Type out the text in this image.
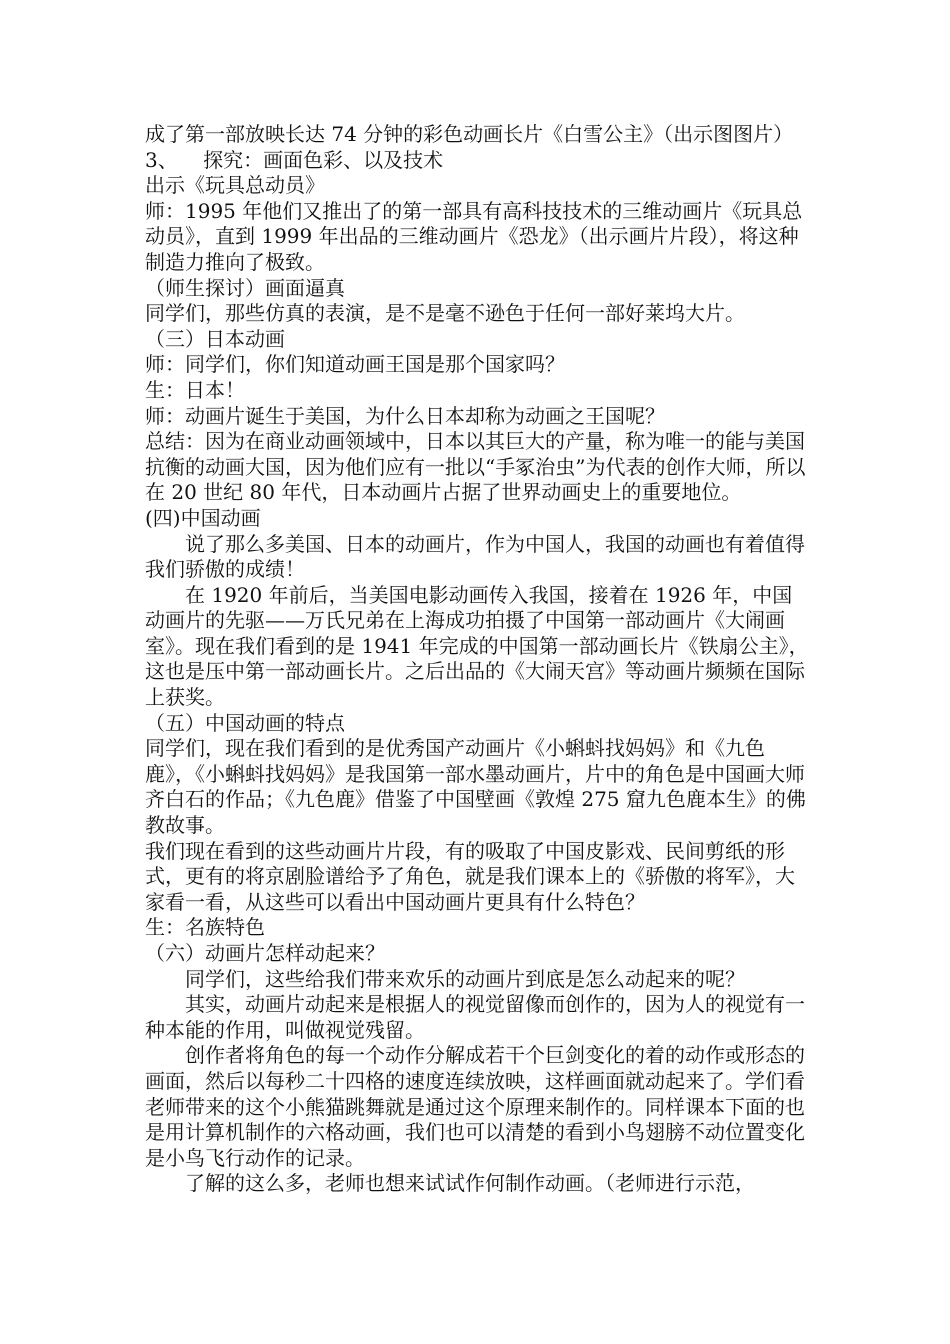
成了第一部放映长达 74 分钟的彩色动画长片《白雪公主》（出示图图片）
3、    探究：画面色彩、以及技术
出示《玩具总动员》
师：1995 年他们又推出了的第一部具有高科技技术的三维动画片《玩具总动员》，直到 1999 年出品的三维动画片《恐龙》（出示画片片段），将这种制造力推向了极致。
（师生探讨）画面逼真
同学们，那些仿真的表演，是不是毫不逊色于任何一部好莱坞大片。
（三）日本动画
师：同学们，你们知道动画王国是那个国家吗？
生：日本！
师：动画片诞生于美国，为什么日本却称为动画之王国呢？
总结：因为在商业动画领域中，日本以其巨大的产量，称为唯一的能与美国抗衡的动画大国，因为他们应有一批以“手冢治虫”为代表的创作大师，所以在 20 世纪 80 年代，日本动画片占据了世界动画史上的重要地位。
(四)中国动画
说了那么多美国、日本的动画片，作为中国人，我国的动画也有着值得我们骄傲的成绩！
在 1920 年前后，当美国电影动画传入我国，接着在 1926 年，中国动画片的先驱——万氏兄弟在上海成功拍摄了中国第一部动画片《大闹画室》。现在我们看到的是 1941 年完成的中国第一部动画长片《铁扇公主》，这也是压中第一部动画长片。之后出品的《大闹天宫》等动画片频频在国际上获奖。
（五）中国动画的特点
同学们，现在我们看到的是优秀国产动画片《小蝌蚪找妈妈》和《九色鹿》，《小蝌蚪找妈妈》是我国第一部水墨动画片，片中的角色是中国画大师齐白石的作品；《九色鹿》借鉴了中国壁画《敦煌 275 窟九色鹿本生》的佛教故事。
我们现在看到的这些动画片片段，有的吸取了中国皮影戏、民间剪纸的形式，更有的将京剧脸谱给予了角色，就是我们课本上的《骄傲的将军》，大家看一看，从这些可以看出中国动画片更具有什么特色？
生：名族特色
（六）动画片怎样动起来？
同学们，这些给我们带来欢乐的动画片到底是怎么动起来的呢？
其实，动画片动起来是根据人的视觉留像而创作的，因为人的视觉有一种本能的作用，叫做视觉残留。
创作者将角色的每一个动作分解成若干个巨剑变化的着的动作或形态的画面，然后以每秒二十四格的速度连续放映，这样画面就动起来了。学们看老师带来的这个小熊猫跳舞就是通过这个原理来制作的。同样课本下面的也是用计算机制作的六格动画，我们也可以清楚的看到小鸟翅膀不动位置变化是小鸟飞行动作的记录。
了解的这么多，老师也想来试试作何制作动画。（老师进行示范，
